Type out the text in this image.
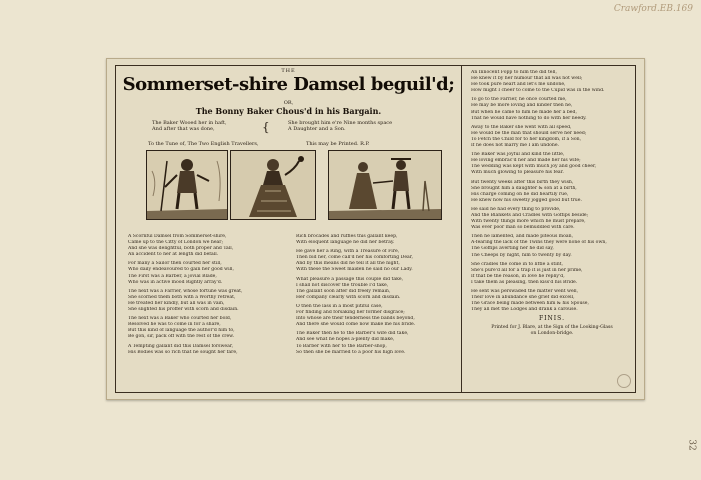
Crawford.EB.169
32
THE
Sommerset-shire Damsel beguil'd;
OR,
The Bonny Baker Chous'd in his Bargain.
The Baker Wooed her in haft,
And after that was done,	{	She brought him e're Nine months space
A Daughter and a Son.
To the Tune of, The Two English Travellers,	This may be Printed. R.P.
A Scornful Damsel from Sommerset-shire,
Came up to the Citty of London we hear;
And she was delightful, both proper and Tall,
An accident to her at length did befall.
For many a Sailor then courted her still,
Who daily endeavoured to gain her good will,
The First was a Barber, a jovial Blade,
Who was in active mood Rightly array'd.
The next was a Farrier, whose fortune was great,
She scorned them both with a Worthy retreat,
He treated her kindly, but all was in vain,
She slighted his proffer with scorn and disdain.
The next was a Baker who courted her bold,
Resolved he was to come in for a share,
But this kind of language the author'd him to,
Be gon, sir, pack off with the rest of the crew.
A Tempting gallant did this Damsel forswear,
His Bodies was so rich that he sought her fare,
Rich brocades and ruffles this gallant keep,
With eloquent language he did her betray.
He gave her a Ring, with a Treasure of Fire,
Then bid her, come call'd her his comforting Dear,
And by this means did he tell it all the night,
With these the Sweet maiden he said no our Lady.
What pleasure a passage this couple did take,
I shall not discover the trouble I'd take,
The gallant soon after did freely remain,
Her company clearly with scorn and disdain.
O then the lass in a most pitiful case,
For finding and forsaking her former disgrace;
Into whose are their tenderness the bands beyond,
And there she would come now make me his bride.
The Baker then he to the Barber's wife did take,
And see what he hopes a-plenty did make,
To Barber with her to the Barber-shop,
So then she be married to a poor his high love.
An Innocent Fopp to him the did tell,
He knew it by her humour that all was not well;
He took pure heart and let's me undone,
How might I cheer to come to the Cupid was in the wind.
To go to the Farrier, he once courted me,
He may be more loving and kinder then he,
But when he came to him he made her a bed,
That he would have nothing to do with her needy.
Away to the Baker she went with all speed,
He would be the man that should serve her need;
To Fetch the Child for to her kingdom, if a Son,
If he does not marry me I am undone.
The Baker was joyful and kind the little,
He loving embrac'd her and made her his wife;
The wedding was kept with much joy and good cheer,
With much glowing to pleasure his fear.
But twenty weeks after this birth they wish,
She brought him a daughter & son at a birth,
His charge coming on he did heartily rue,
He knew how his sweetly jogged good but true.
He said he had every thing to provide,
And the Blankets and Cradles with Goffips beside;
With twenty things more which he must prepare,
Was ever poor man so bemuddled with care.
Then he lamented, and made piteous moan,
A-fearing the lack of the Twins they were none of his own,
The Goffips averting her he did say,
The Cheeps by night, him to twenty by day.
She cradles the come in to little a stint,
She's pure'd all for a trap it is just in her prime,
If that be the reason, in love he repliy'd,
I take them as pleasing, then kiss'd his Bride.
He sent was perswaded the matter went well,
Their love in abundance she grief did excell,
The Grace being made between him & his Spouse,
They all met the Lodges and drank a carouse.
FINIS.
Printed for J. Blare, at the Sign of the Looking-Glass
on London-bridge.
